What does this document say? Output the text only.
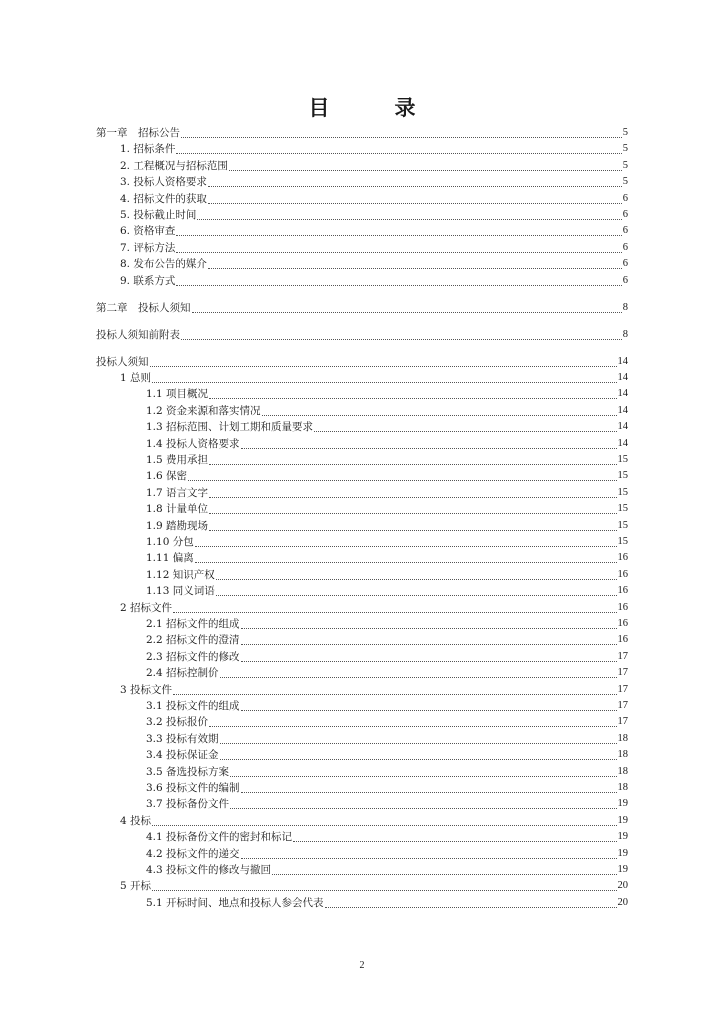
目　录
第一章　招标公告	5
1. 招标条件	5
2. 工程概况与招标范围	5
3. 投标人资格要求	5
4. 招标文件的获取	6
5. 投标截止时间	6
6. 资格审查	6
7. 评标方法	6
8. 发布公告的媒介	6
9. 联系方式	6
第二章　投标人须知	8
投标人须知前附表	8
投标人须知	14
1 总则	14
1.1 项目概况	14
1.2 资金来源和落实情况	14
1.3 招标范围、计划工期和质量要求	14
1.4 投标人资格要求	14
1.5 费用承担	15
1.6 保密	15
1.7 语言文字	15
1.8 计量单位	15
1.9 踏勘现场	15
1.10 分包	15
1.11 偏离	16
1.12 知识产权	16
1.13 同义词语	16
2 招标文件	16
2.1 招标文件的组成	16
2.2 招标文件的澄清	16
2.3 招标文件的修改	17
2.4 招标控制价	17
3 投标文件	17
3.1 投标文件的组成	17
3.2 投标报价	17
3.3 投标有效期	18
3.4 投标保证金	18
3.5 备选投标方案	18
3.6 投标文件的编制	18
3.7 投标备份文件	19
4 投标	19
4.1 投标备份文件的密封和标记	19
4.2 投标文件的递交	19
4.3 投标文件的修改与撤回	19
5 开标	20
5.1 开标时间、地点和投标人参会代表	20
2
